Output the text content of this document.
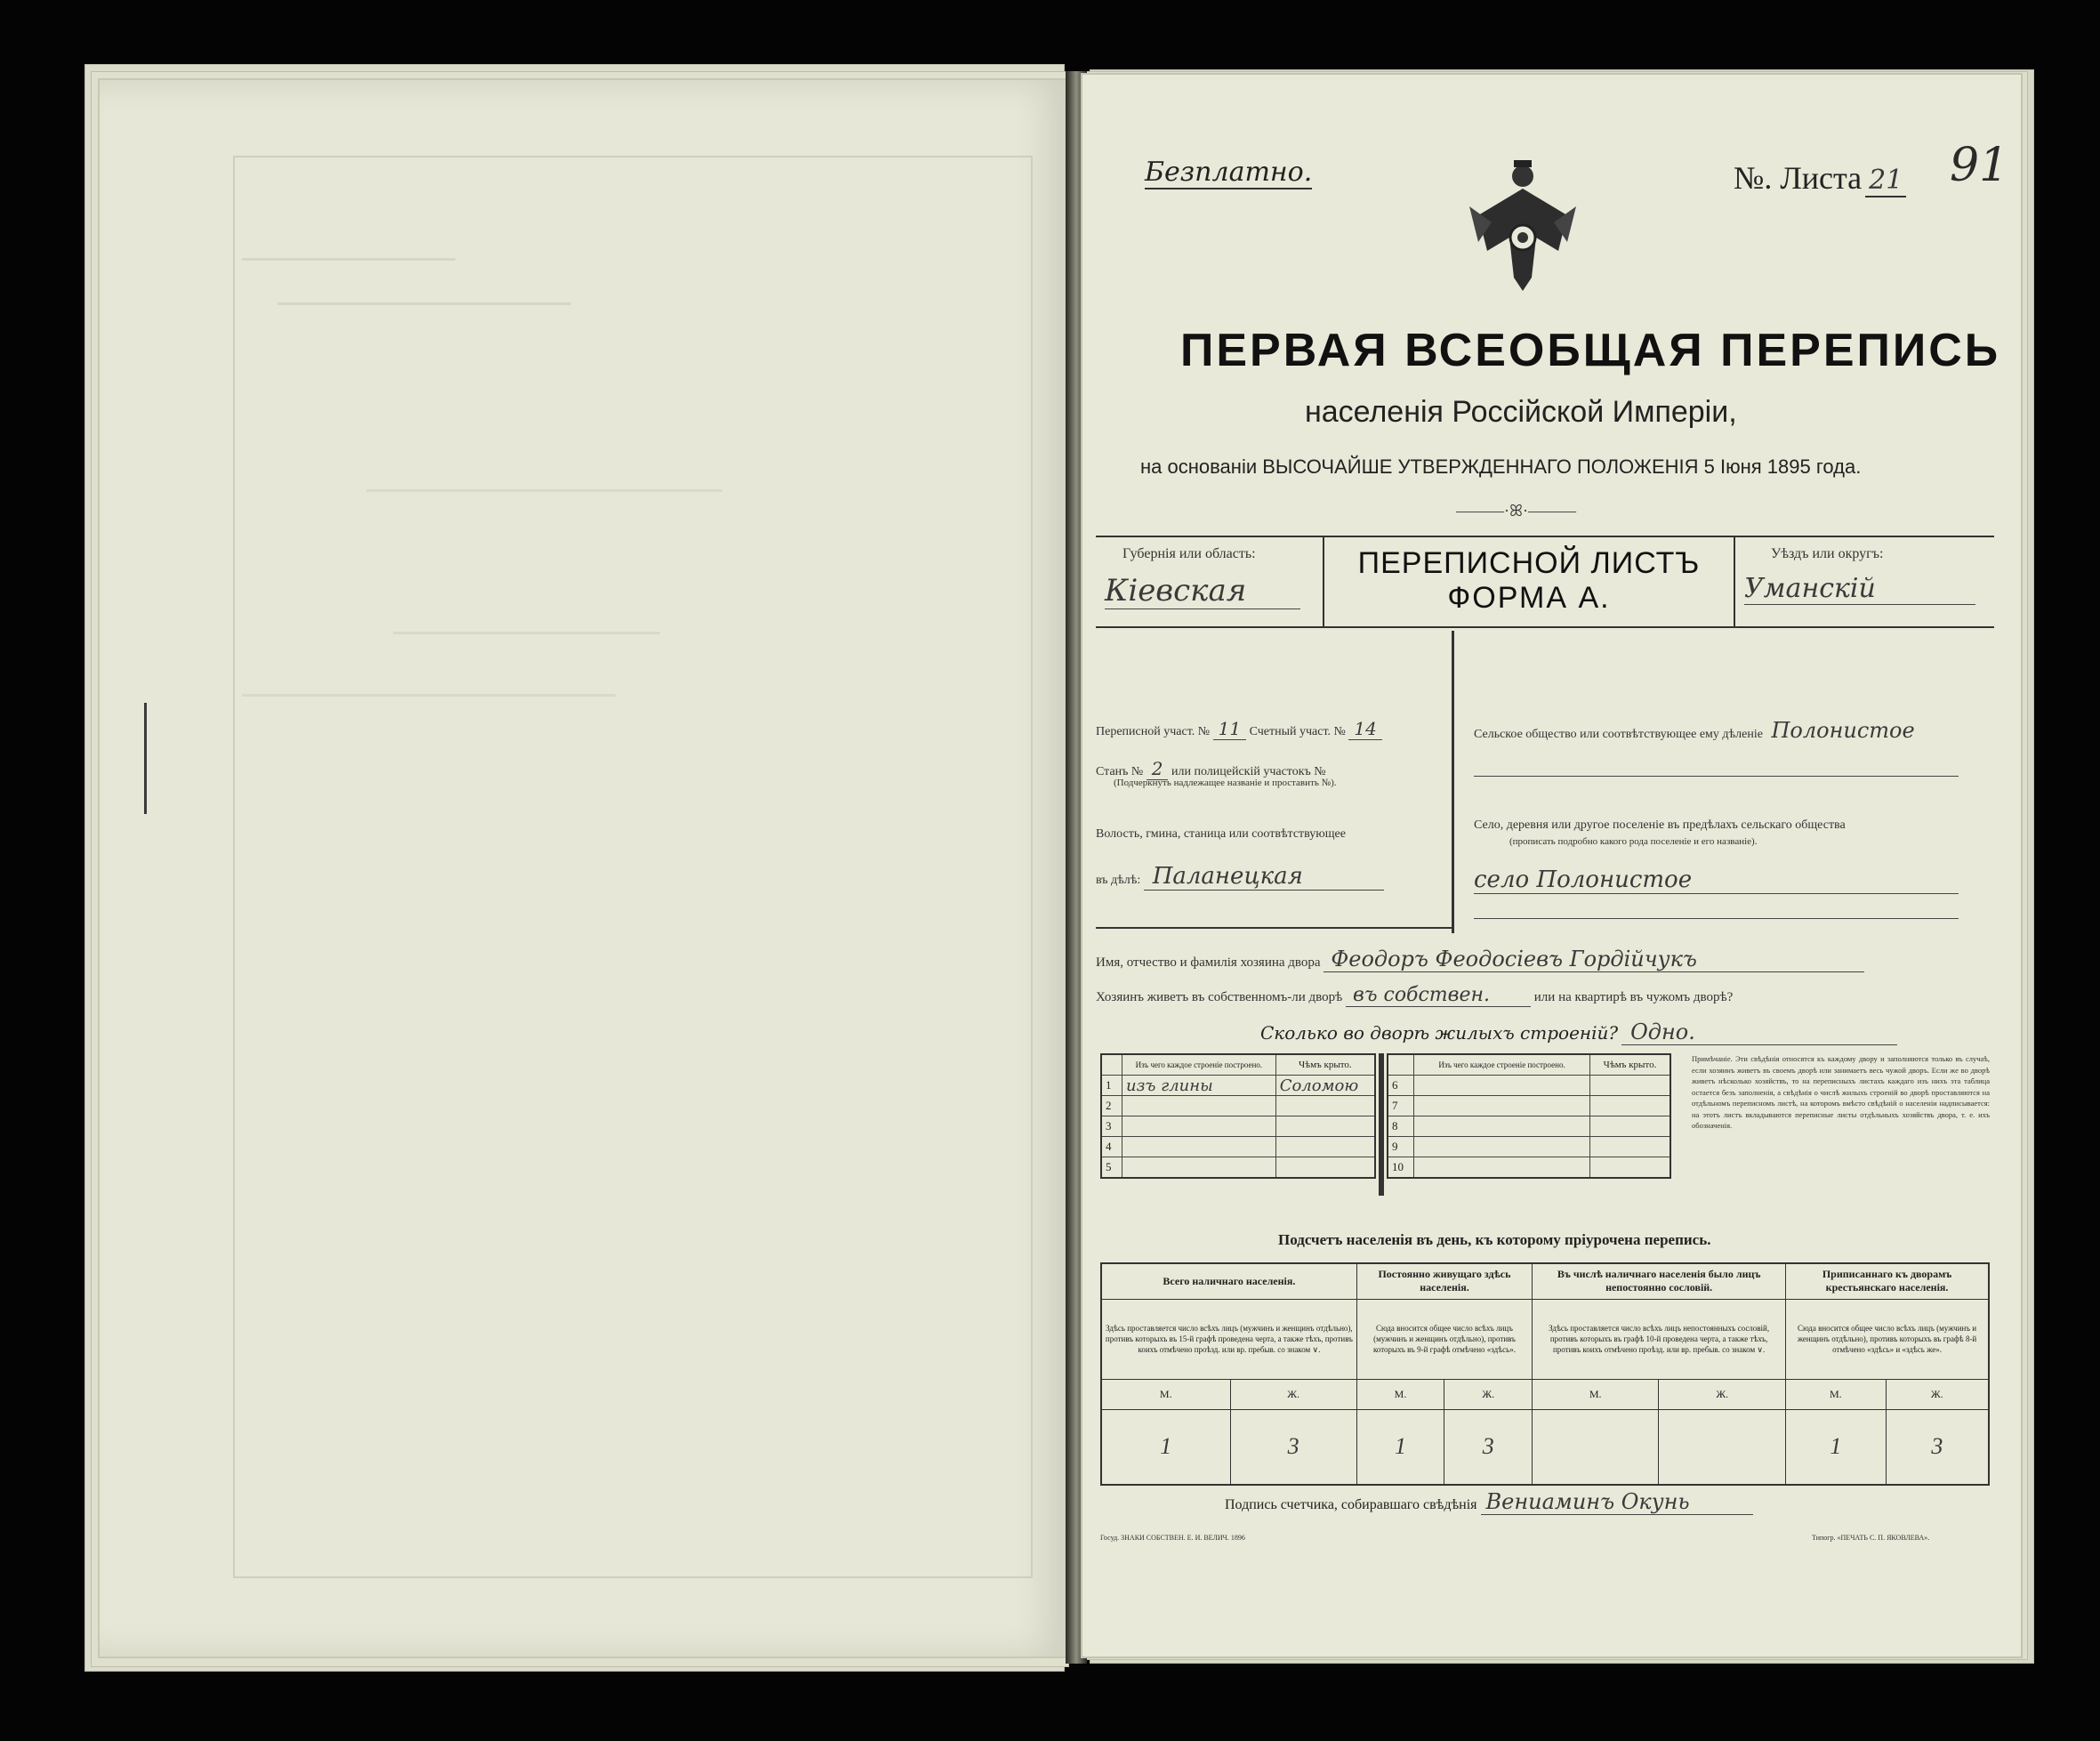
Безплатно.	№. Листа 21 91
ПЕРВАЯ ВСЕОБЩАЯ ПЕРЕПИСЬ
населенія Россійской Имперіи,
на основаніи ВЫСОЧАЙШЕ УТВЕРЖДЕННАГО ПОЛОЖЕНІЯ 5 Іюня 1895 года.
———·ꕤ·———
Губернія или область:
Кіевская
ПЕРЕПИСНОЙ ЛИСТЪ
ФОРМА А.
Уѣздъ или округъ:
Уманскій
Переписной участ. № 11 Счетный участ. № 14
Станъ № 2 или полицейскій участокъ №
(Подчеркнуть надлежащее названіе и проставить №).
Волость, гмина, станица или соотвѣтствующее
въ дѣлѣ: Паланецкая
Сельское общество или соотвѣтствующее ему дѣленіе Полонистое
Село, деревня или другое поселеніе въ предѣлахъ сельскаго общества
(прописать подробно какого рода поселеніе и его названіе).
село Полонистое
Имя, отчество и фамилія хозяина двора Феодоръ Феодосіевъ Гордійчукъ
Хозяинъ живетъ въ собственномъ-ли дворѣ въ собствен.	или на квартирѣ въ чужомъ дворѣ?
Сколько во дворѣ жилыхъ строеній? Одно.
	Изъ чего каждое строеніе построено.	Чѣмъ крыто.
1	изъ глины	Соломою
2		
3		
4		
5		
	Изъ чего каждое строеніе построено.	Чѣмъ крыто.
6		
7		
8		
9		
10		
Примѣчаніе. Эти свѣдѣнія относятся къ каждому двору и заполняются только въ случаѣ, если хозяинъ живетъ въ своемъ дворѣ или занимаетъ весь чужой дворъ. Если же во дворѣ живетъ нѣсколько хозяйствъ, то на переписныхъ листахъ каждаго изъ нихъ эта таблица остается безъ заполненія, а свѣдѣнія о числѣ жилыхъ строеній во дворѣ проставляются на отдѣльномъ переписномъ листѣ, на которомъ вмѣсто свѣдѣній о населеніи надписывается: на этотъ листъ вкладываются переписные листы отдѣльныхъ хозяйствъ двора, т. е. ихъ обозначенія.
Подсчетъ населенія въ день, къ которому пріурочена перепись.
Всего наличнаго населенія.		Постоянно живущаго здѣсь населенія.		Въ числѣ наличнаго населенія было лицъ непостоянно сословій.		Приписаннаго къ дворамъ крестьянскаго населенія.	
Здѣсь проставляется число всѣхъ лицъ (мужчинъ и женщинъ отдѣльно), противъ которыхъ въ 15-й графѣ проведена черта, а также тѣхъ, противъ коихъ отмѣчено проѣзд. или вр. пребыв. со знаком ∨.		Сюда вносится общее число всѣхъ лицъ (мужчинъ и женщинъ отдѣльно), противъ которыхъ въ 9-й графѣ отмѣчено «здѣсь».		Здѣсь проставляется число всѣхъ лицъ непостоянныхъ сословій, противъ которыхъ въ графѣ 10-й проведена черта, а также тѣхъ, противъ коихъ отмѣчено проѣзд. или вр. пребыв. со знаком ∨.		Сюда вносится общее число всѣхъ лицъ (мужчинъ и женщинъ отдѣльно), противъ которыхъ въ графѣ 8-й отмѣчено «здѣсь» и «здѣсь же».	
М.	Ж.	М.	Ж.	М.	Ж.	М.	Ж.
1	3	1	3			1	3
Подпись счетчика, собиравшаго свѣдѣнія Вениаминъ Окунь
Госуд. ЗНАКИ СОБСТВЕН. Е. И. ВЕЛИЧ. 1896	Типогр. «ПЕЧАТЬ С. П. ЯКОВЛЕВА».
